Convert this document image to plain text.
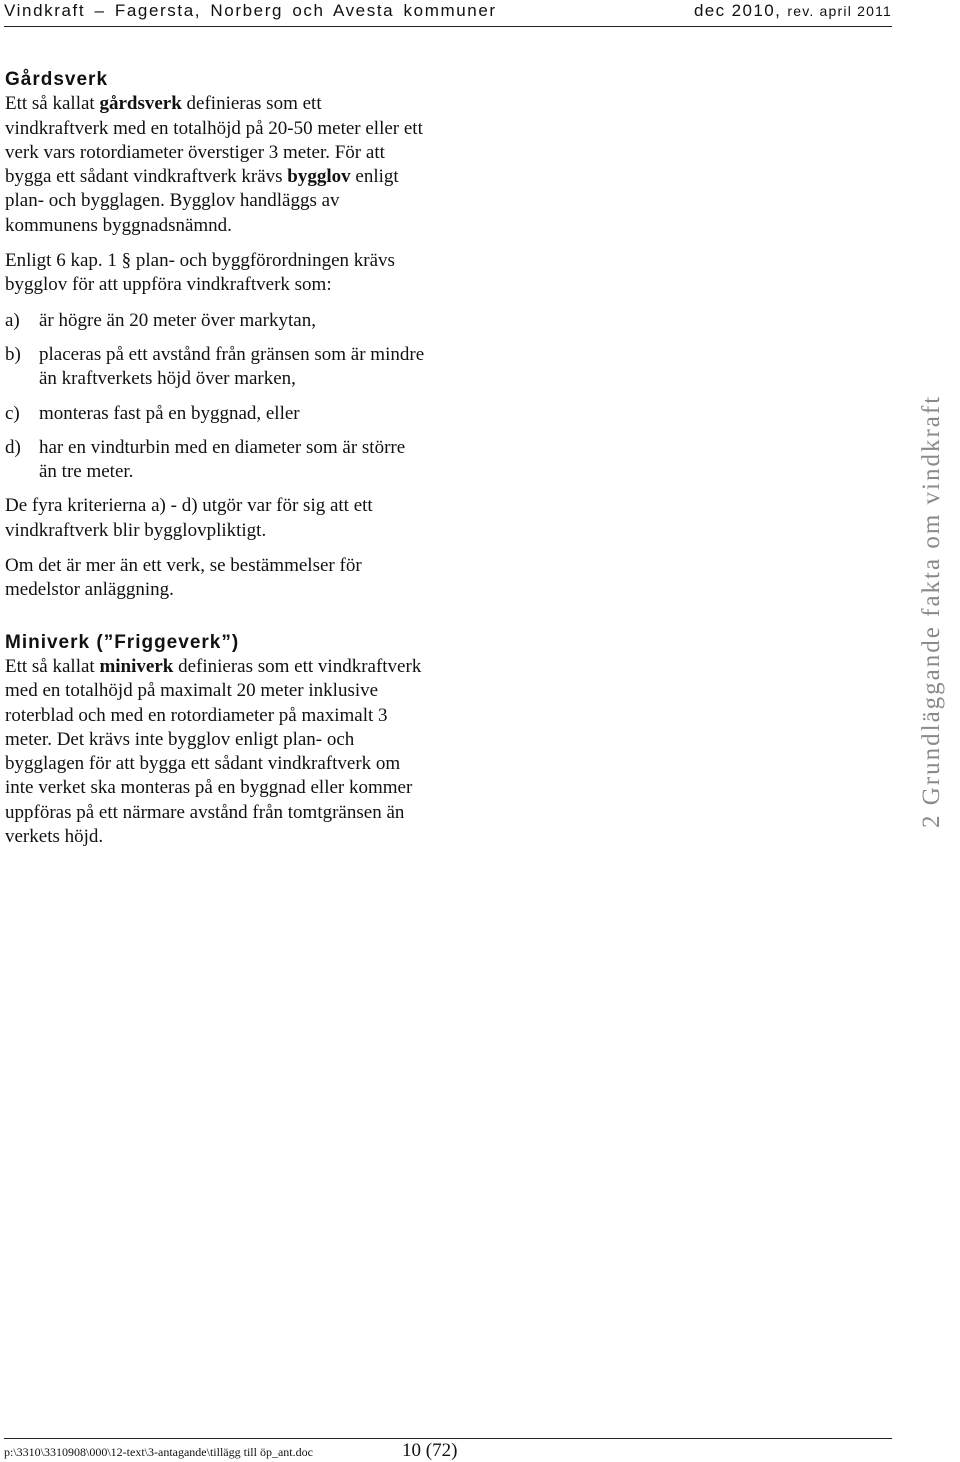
Vindkraft – Fagersta, Norberg och Avesta kommuner	dec 2010, rev. april 2011
Gårdsverk

Ett så kallat gårdsverk definieras som ett vindkraftverk med en totalhöjd på 20-50 meter eller ett verk vars rotordiameter överstiger 3 meter. För att bygga ett sådant vindkraftverk krävs bygglov enligt plan- och bygglagen. Bygglov handläggs av kommunens byggnadsnämnd.

Enligt 6 kap. 1 § plan- och byggförordningen krävs bygglov för att uppföra vindkraftverk som:

a) är högre än 20 meter över markytan,
b) placeras på ett avstånd från gränsen som är mindre än kraftverkets höjd över marken,
c) monteras fast på en byggnad, eller
d) har en vindturbin med en diameter som är större än tre meter.

De fyra kriterierna a) - d) utgör var för sig att ett vindkraftverk blir bygglovpliktigt.

Om det är mer än ett verk, se bestämmelser för medelstor anläggning.

Miniverk (”Friggeverk”)

Ett så kallat miniverk definieras som ett vindkraftverk med en totalhöjd på maximalt 20 meter inklusive roterblad och med en rotordiameter på maximalt 3 meter. Det krävs inte bygglov enligt plan- och bygglagen för att bygga ett sådant vindkraftverk om inte verket ska monteras på en byggnad eller kommer uppföras på ett närmare avstånd från tomtgränsen än verkets höjd.

2 Grundläggande fakta om vindkraft
p:\3310\3310908\000\12-text\3-antagande\tillägg till öp_ant.doc	10 (72)
